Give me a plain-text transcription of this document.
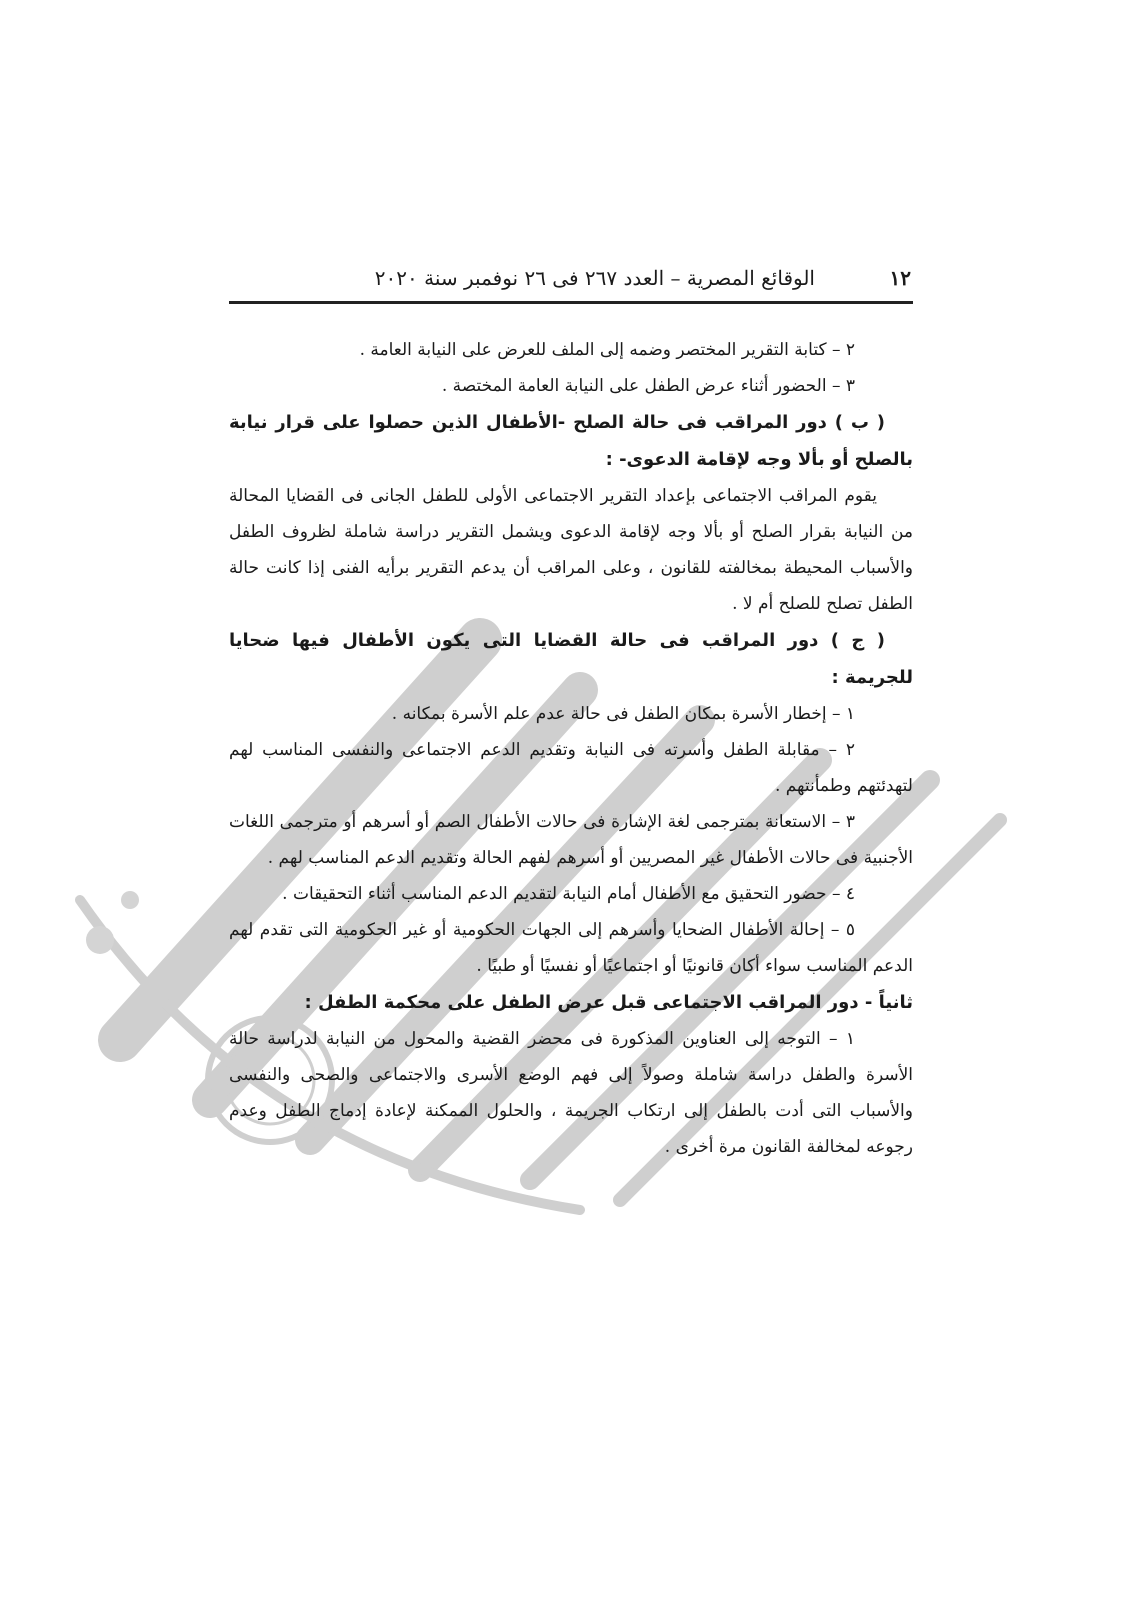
١٢
الوقائع المصرية – العدد ٢٦٧ فى ٢٦ نوفمبر سنة ٢٠٢٠

٢ – كتابة التقرير المختصر وضمه إلى الملف للعرض على النيابة العامة .

٣ – الحضور أثناء عرض الطفل على النيابة العامة المختصة .

( ب ) دور المراقب فى حالة الصلح -الأطفال الذين حصلوا على قرار نيابة بالصلح أو بألا وجه لإقامة الدعوى- :

يقوم المراقب الاجتماعى بإعداد التقرير الاجتماعى الأولى للطفل الجانى فى القضايا المحالة من النيابة بقرار الصلح أو بألا وجه لإقامة الدعوى ويشمل التقرير دراسة شاملة لظروف الطفل والأسباب المحيطة بمخالفته للقانون ، وعلى المراقب أن يدعم التقرير برأيه الفنى إذا كانت حالة الطفل تصلح للصلح أم لا .

( ج ) دور المراقب فى حالة القضايا التى يكون الأطفال فيها ضحايا للجريمة :

١ – إخطار الأسرة بمكان الطفل فى حالة عدم علم الأسرة بمكانه .

٢ – مقابلة الطفل وأسرته فى النيابة وتقديم الدعم الاجتماعى والنفسى المناسب لهم لتهدئتهم وطمأنتهم .

٣ – الاستعانة بمترجمى لغة الإشارة فى حالات الأطفال الصم أو أسرهم أو مترجمى اللغات الأجنبية فى حالات الأطفال غير المصريين أو أسرهم لفهم الحالة وتقديم الدعم المناسب لهم .

٤ – حضور التحقيق مع الأطفال أمام النيابة لتقديم الدعم المناسب أثناء التحقيقات .

٥ – إحالة الأطفال الضحايا وأسرهم إلى الجهات الحكومية أو غير الحكومية التى تقدم لهم الدعم المناسب سواء أكان قانونيًا أو اجتماعيًا أو نفسيًا أو طبيًا .

ثانياً - دور المراقب الاجتماعى قبل عرض الطفل على محكمة الطفل :

١ – التوجه إلى العناوين المذكورة فى محضر القضية والمحول من النيابة لدراسة حالة الأسرة والطفل دراسة شاملة وصولاً إلى فهم الوضع الأسرى والاجتماعى والصحى والنفسى والأسباب التى أدت بالطفل إلى ارتكاب الجريمة ، والحلول الممكنة لإعادة إدماج الطفل وعدم رجوعه لمخالفة القانون مرة أخرى .
